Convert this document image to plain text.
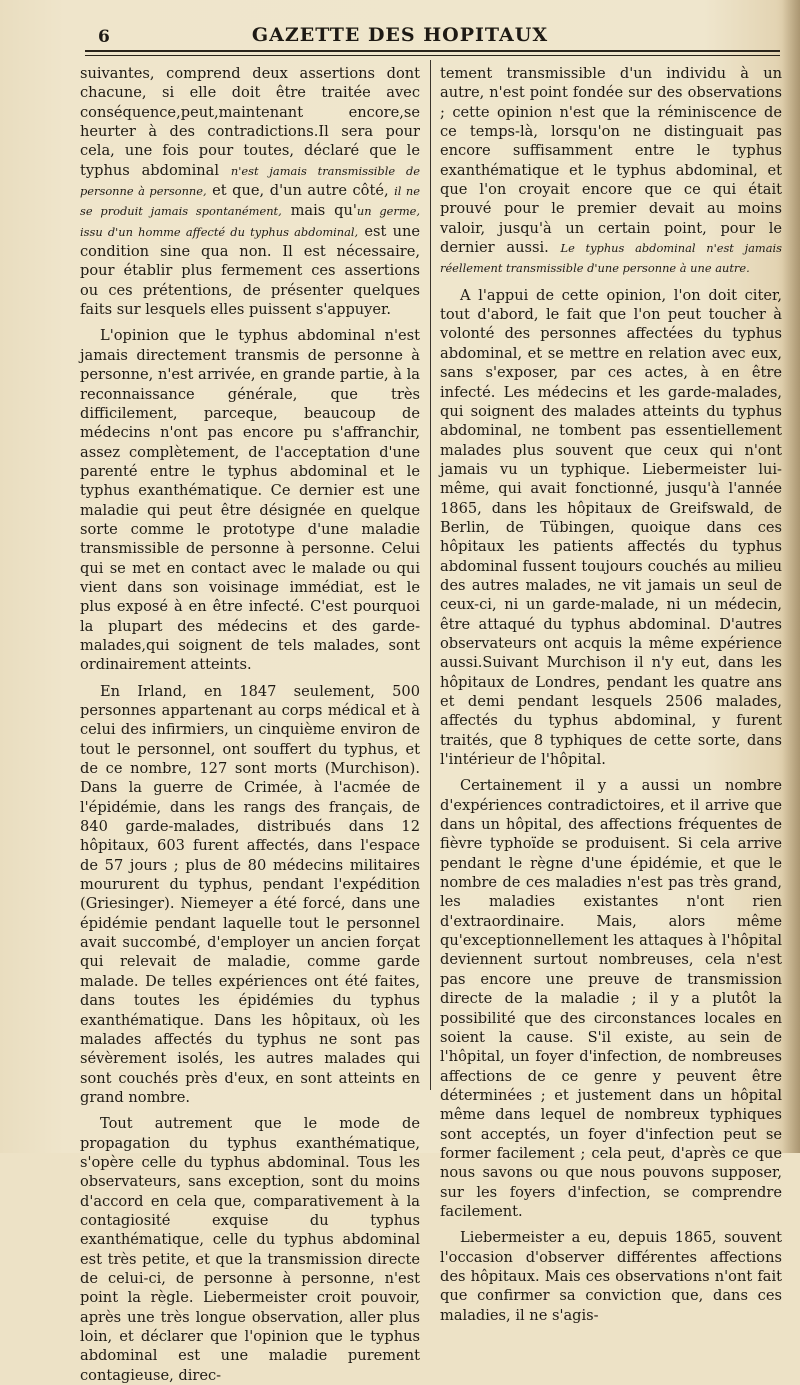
6	GAZETTE DES HOPITAUX

suivantes, comprend deux assertions dont chacune, si elle doit être traitée avec conséquence,peut,maintenant encore,se heurter à des contradictions.Il sera pour cela, une fois pour toutes, déclaré que le typhus abdominal n'est jamais transmissible de personne à personne, et que, d'un autre côté, il ne se produit jamais spontanément, mais qu'un germe, issu d'un homme affecté du typhus abdominal, est une condition sine qua non. Il est nécessaire, pour établir plus fermement ces assertions ou ces prétentions, de présenter quelques faits sur lesquels elles puissent s'appuyer.

L'opinion que le typhus abdominal n'est jamais directement transmis de personne à personne, n'est arrivée, en grande partie, à la reconnaissance générale, que très difficilement, parceque, beaucoup de médecins n'ont pas encore pu s'affranchir, assez complètement, de l'acceptation d'une parenté entre le typhus abdominal et le typhus exanthématique. Ce dernier est une maladie qui peut être désignée en quelque sorte comme le prototype d'une maladie transmissible de personne à personne. Celui qui se met en contact avec le malade ou qui vient dans son voisinage immédiat, est le plus exposé à en être infecté. C'est pourquoi la plupart des médecins et des garde-malades,qui soignent de tels malades, sont ordinairement atteints.

En Irland, en 1847 seulement, 500 personnes appartenant au corps médical et à celui des infirmiers, un cinquième environ de tout le personnel, ont souffert du typhus, et de ce nombre, 127 sont morts (Murchison). Dans la guerre de Crimée, à l'acmée de l'épidémie, dans les rangs des français, de 840 garde-malades, distribués dans 12 hôpitaux, 603 furent affectés, dans l'espace de 57 jours ; plus de 80 médecins militaires moururent du typhus, pendant l'expédition (Griesinger). Niemeyer a été forcé, dans une épidémie pendant laquelle tout le personnel avait succombé, d'employer un ancien forçat qui relevait de maladie, comme garde malade. De telles expériences ont été faites, dans toutes les épidémies du typhus exanthématique. Dans les hôpitaux, où les malades affectés du typhus ne sont pas sévèrement isolés, les autres malades qui sont couchés près d'eux, en sont atteints en grand nombre.

Tout autrement que le mode de propagation du typhus exanthématique, s'opère celle du typhus abdominal. Tous les observateurs, sans exception, sont du moins d'accord en cela que, comparativement à la contagiosité exquise du typhus exanthématique, celle du typhus abdominal est très petite, et que la transmission directe de celui-ci, de personne à personne, n'est point la règle. Liebermeister croit pouvoir, après une très longue observation, aller plus loin, et déclarer que l'opinion que le typhus abdominal est une maladie purement contagieuse, direc-

tement transmissible d'un individu à un autre, n'est point fondée sur des observations ; cette opinion n'est que la réminiscence de ce temps-là, lorsqu'on ne distinguait pas encore suffisamment entre le typhus exanthématique et le typhus abdominal, et que l'on croyait encore que ce qui était prouvé pour le premier devait au moins valoir, jusqu'à un certain point, pour le dernier aussi. Le typhus abdominal n'est jamais réellement transmissible d'une personne à une autre.

A l'appui de cette opinion, l'on doit citer, tout d'abord, le fait que l'on peut toucher à volonté des personnes affectées du typhus abdominal, et se mettre en relation avec eux, sans s'exposer, par ces actes, à en être infecté. Les médecins et les garde-malades, qui soignent des malades atteints du typhus abdominal, ne tombent pas essentiellement malades plus souvent que ceux qui n'ont jamais vu un typhique. Liebermeister lui-même, qui avait fonctionné, jusqu'à l'année 1865, dans les hôpitaux de Greifswald, de Berlin, de Tübingen, quoique dans ces hôpitaux les patients affectés du typhus abdominal fussent toujours couchés au milieu des autres malades, ne vit jamais un seul de ceux-ci, ni un garde-malade, ni un médecin, être attaqué du typhus abdominal. D'autres observateurs ont acquis la même expérience aussi.Suivant Murchison il n'y eut, dans les hôpitaux de Londres, pendant les quatre ans et demi pendant lesquels 2506 malades, affectés du typhus abdominal, y furent traités, que 8 typhiques de cette sorte, dans l'intérieur de l'hôpital.

Certainement il y a aussi un nombre d'expériences contradictoires, et il arrive que dans un hôpital, des affections fréquentes de fièvre typhoïde se produisent. Si cela arrive pendant le règne d'une épidémie, et que le nombre de ces maladies n'est pas très grand, les maladies existantes n'ont rien d'extraordinaire. Mais, alors même qu'exceptionnellement les attaques à l'hôpital deviennent surtout nombreuses, cela n'est pas encore une preuve de transmission directe de la maladie ; il y a plutôt la possibilité que des circonstances locales en soient la cause. S'il existe, au sein de l'hôpital, un foyer d'infection, de nombreuses affections de ce genre y peuvent être déterminées ; et justement dans un hôpital même dans lequel de nombreux typhiques sont acceptés, un foyer d'infection peut se former facilement ; cela peut, d'après ce que nous savons ou que nous pouvons supposer, sur les foyers d'infection, se comprendre facilement.

Liebermeister a eu, depuis 1865, souvent l'occasion d'observer différentes affections des hôpitaux. Mais ces observations n'ont fait que confirmer sa conviction que, dans ces maladies, il ne s'agis-
